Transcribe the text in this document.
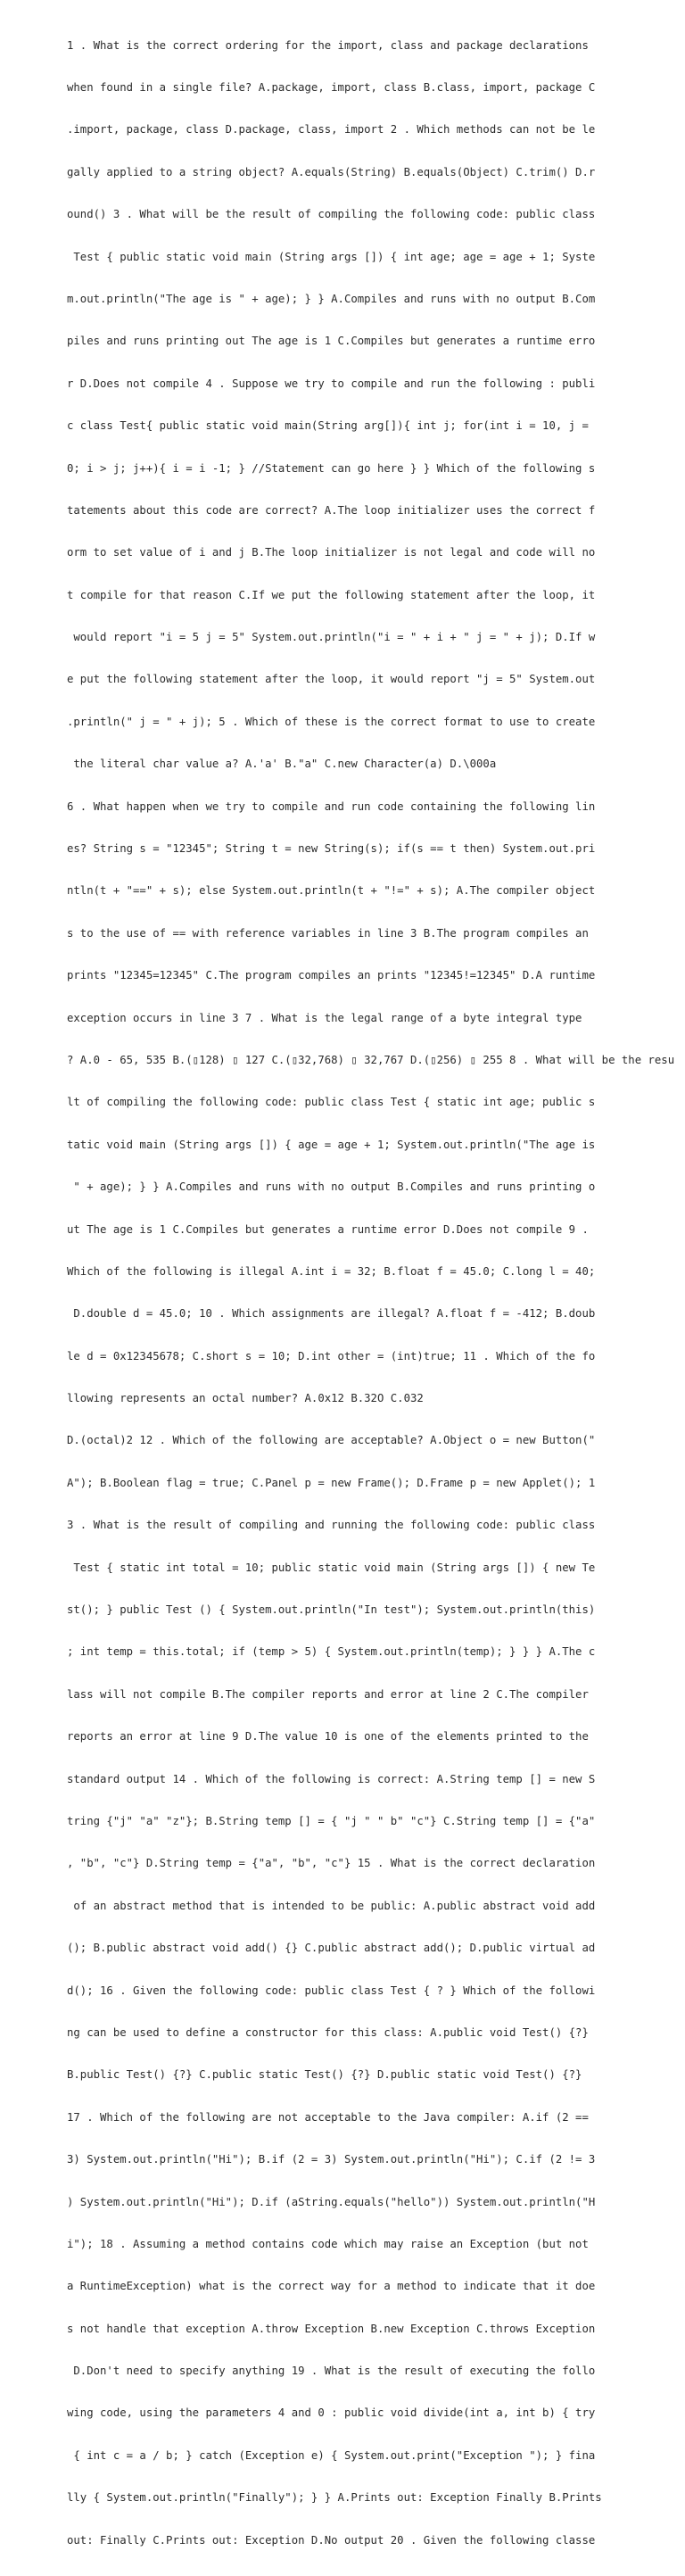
1 . What is the correct ordering for the import, class and package declarations

when found in a single file? A.package, import, class B.class, import, package C

.import, package, class D.package, class, import 2 . Which methods can not be le

gally applied to a string object? A.equals(String) B.equals(Object) C.trim() D.r

ound() 3 . What will be the result of compiling the following code: public class

Test { public static void main (String args []) { int age; age = age + 1; Syste

m.out.println("The age is " + age); } } A.Compiles and runs with no output B.Com

piles and runs printing out The age is 1 C.Compiles but generates a runtime erro

r D.Does not compile 4 . Suppose we try to compile and run the following : publi

c class Test{ public static void main(String arg[]){ int j; for(int i = 10, j =

0; i > j; j++){ i = i -1; } //Statement can go here } } Which of the following s

tatements about this code are correct? A.The loop initializer uses the correct f

orm to set value of i and j B.The loop initializer is not legal and code will no

t compile for that reason C.If we put the following statement after the loop, it

would report "i = 5 j = 5" System.out.println("i = " + i + " j = " + j); D.If w

e put the following statement after the loop, it would report "j = 5" System.out

.println(" j = " + j); 5 . Which of these is the correct format to use to create

the literal char value a? A.'a' B."a" C.new Character(a) D.\000a

6 . What happen when we try to compile and run code containing the following lin

es? String s = "12345"; String t = new String(s); if(s == t then) System.out.pri

ntln(t + "==" + s); else System.out.println(t + "!=" + s); A.The compiler object

s to the use of == with reference variables in line 3 B.The program compiles an

prints "12345=12345" C.The program compiles an prints "12345!=12345" D.A runtime

exception occurs in line 3 7 . What is the legal range of a byte integral type

? A.0 - 65, 535 B.(▯128) ▯ 127 C.(▯32,768) ▯ 32,767 D.(▯256) ▯ 255 8 . What will be the resu

lt of compiling the following code: public class Test { static int age; public s

tatic void main (String args []) { age = age + 1; System.out.println("The age is

" + age); } } A.Compiles and runs with no output B.Compiles and runs printing o

ut The age is 1 C.Compiles but generates a runtime error D.Does not compile 9 .

Which of the following is illegal A.int i = 32; B.float f = 45.0; C.long l = 40;

D.double d = 45.0; 10 . Which assignments are illegal? A.float f = -412; B.doub

le d = 0x12345678; C.short s = 10; D.int other = (int)true; 11 . Which of the fo

llowing represents an octal number? A.0x12 B.32O C.032

D.(octal)2 12 . Which of the following are acceptable? A.Object o = new Button("

A"); B.Boolean flag = true; C.Panel p = new Frame(); D.Frame p = new Applet(); 1

3 . What is the result of compiling and running the following code: public class

Test { static int total = 10; public static void main (String args []) { new Te

st(); } public Test () { System.out.println("In test"); System.out.println(this)

; int temp = this.total; if (temp > 5) { System.out.println(temp); } } } A.The c

lass will not compile B.The compiler reports and error at line 2 C.The compiler

reports an error at line 9 D.The value 10 is one of the elements printed to the

standard output 14 . Which of the following is correct: A.String temp [] = new S

tring {"j" "a" "z"}; B.String temp [] = { "j " " b" "c"} C.String temp [] = {"a"

, "b", "c"} D.String temp = {"a", "b", "c"} 15 . What is the correct declaration

of an abstract method that is intended to be public: A.public abstract void add

(); B.public abstract void add() {} C.public abstract add(); D.public virtual ad

d(); 16 . Given the following code: public class Test { ? } Which of the followi

ng can be used to define a constructor for this class: A.public void Test() {?}

B.public Test() {?} C.public static Test() {?} D.public static void Test() {?}

17 . Which of the following are not acceptable to the Java compiler: A.if (2 ==

3) System.out.println("Hi"); B.if (2 = 3) System.out.println("Hi"); C.if (2 != 3

) System.out.println("Hi"); D.if (aString.equals("hello")) System.out.println("H

i"); 18 . Assuming a method contains code which may raise an Exception (but not

a RuntimeException) what is the correct way for a method to indicate that it doe

s not handle that exception A.throw Exception B.new Exception C.throws Exception

D.Don't need to specify anything 19 . What is the result of executing the follo

wing code, using the parameters 4 and 0 : public void divide(int a, int b) { try

{ int c = a / b; } catch (Exception e) { System.out.print("Exception "); } fina

lly { System.out.println("Finally"); } } A.Prints out: Exception Finally B.Prints

out: Finally C.Prints out: Exception D.No output 20 . Given the following classe
